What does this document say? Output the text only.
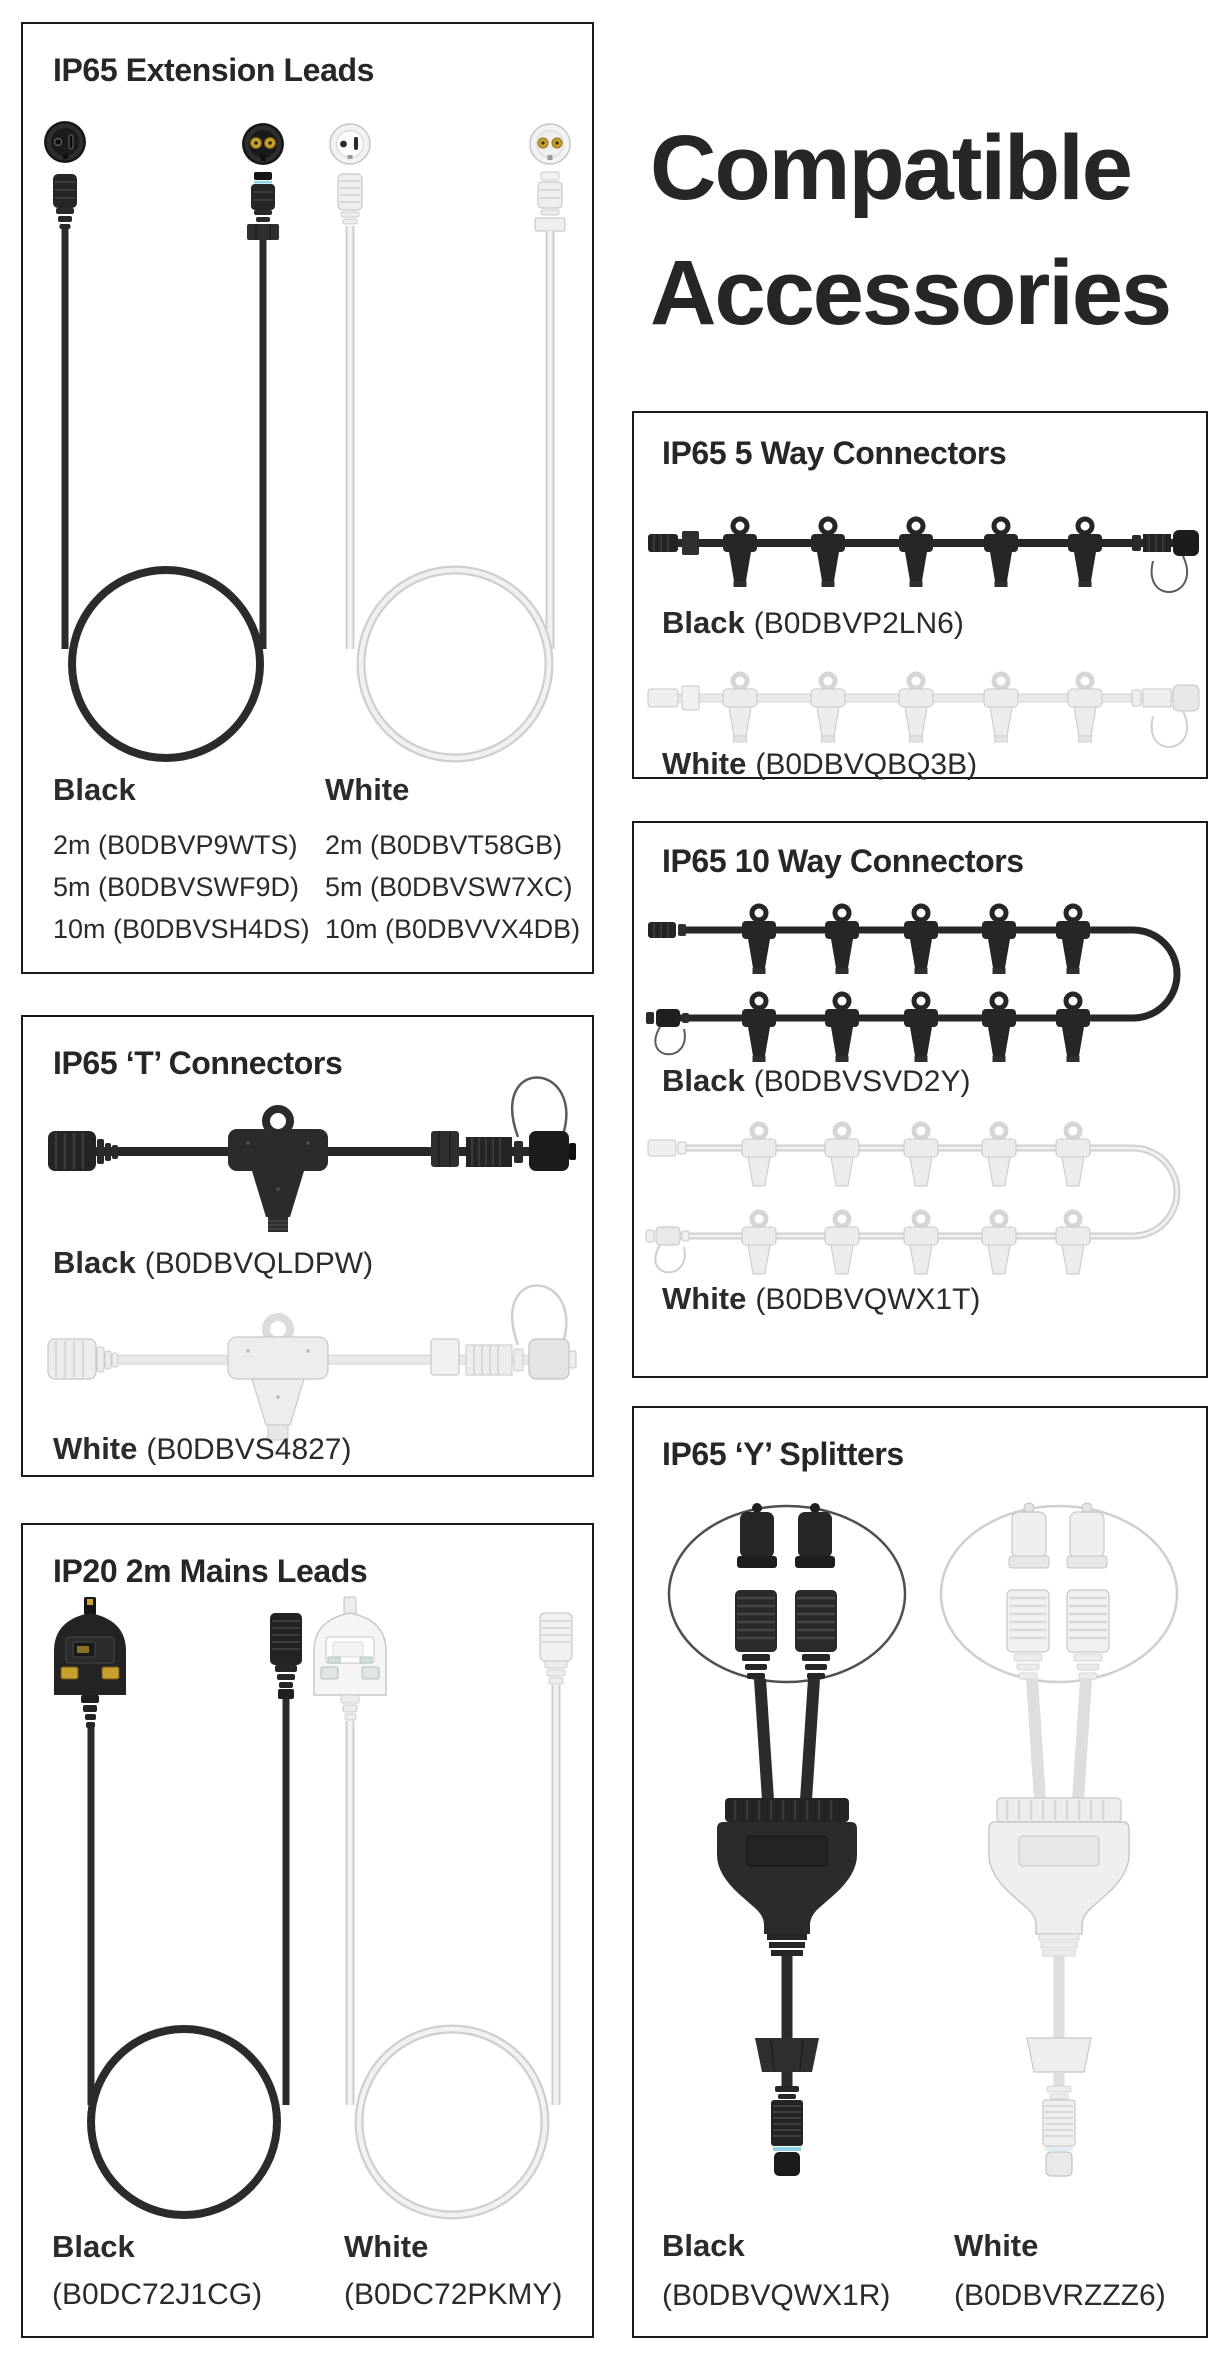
IP65 Extension Leads
Black	White
2m (B0DBVP9WTS)
5m (B0DBVSWF9D)
10m (B0DBVSH4DS)
2m (B0DBVT58GB)
5m (B0DBVSW7XC)
10m (B0DBVVX4DB)
Compatible Accessories
IP65 5 Way Connectors
Black (B0DBVP2LN6)
White (B0DBVQBQ3B)
IP65 10 Way Connectors
Black (B0DBVSVD2Y)
White (B0DBVQWX1T)
IP65 ‘T’ Connectors
Black (B0DBVQLDPW)
White (B0DBVS4827)
IP20 2m Mains Leads
Black
(B0DC72J1CG)
White
(B0DC72PKMY)
IP65 ‘Y’ Splitters
Black
(B0DBVQWX1R)
White
(B0DBVRZZZ6)
